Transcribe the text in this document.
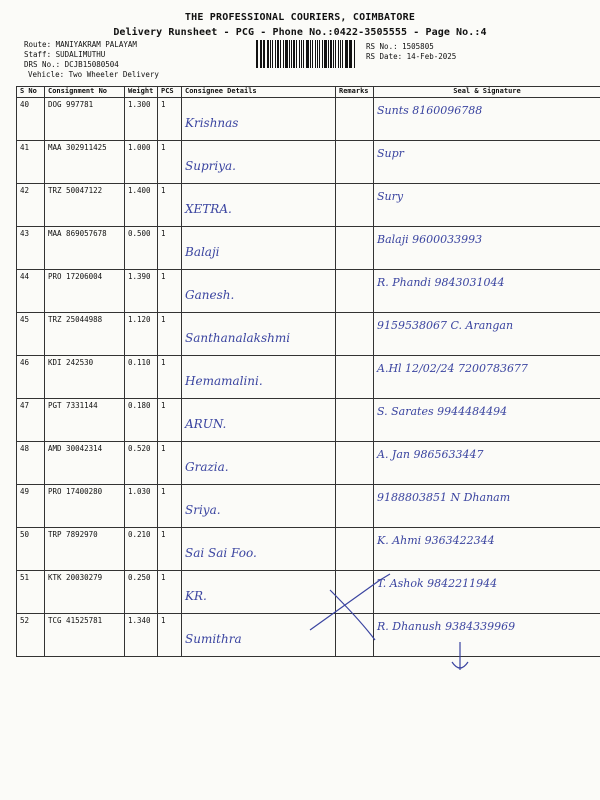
THE PROFESSIONAL COURIERS, COIMBATORE
Delivery Runsheet - PCG - Phone No.:0422-3505555 - Page No.:4
Route: MANIYAKRAM PALAYAM
Staff: SUDALIMUTHU
DRS No.: DCJB15080504
Vehicle: Two Wheeler Delivery
RS No.: 1505805
RS Date: 14-Feb-2025
S No	Consignment No	Weight	PCS	Consignee Details	Remarks	Seal & Signature
40	DOG 997781	1.300	1	Krishnas		Sunts 8160096788

41	MAA 302911425	1.000	1	Supriya.		Supr

42	TRZ 50047122	1.400	1	XETRA.		Sury

43	MAA 869057678	0.500	1	Balaji		Balaji 9600033993

44	PRO 17206004	1.390	1	Ganesh.		R. Phandi 9843031044

45	TRZ 25044988	1.120	1	Santhanalakshmi		9159538067 C. Arangan

46	KDI 242530	0.110	1	Hemamalini.		A.Hl 12/02/24 7200783677

47	PGT 7331144	0.180	1	ARUN.		S. Sarates 9944484494

48	AMD 30042314	0.520	1	Grazia.		A. Jan 9865633447

49	PRO 17400280	1.030	1	Sriya.		9188803851 N Dhanam

50	TRP 7892970	0.210	1	Sai Sai Foo.		K. Ahmi 9363422344

51	KTK 20030279	0.250	1	KR.		T. Ashok 9842211944

52	TCG 41525781	1.340	1	Sumithra		R. Dhanush 9384339969
